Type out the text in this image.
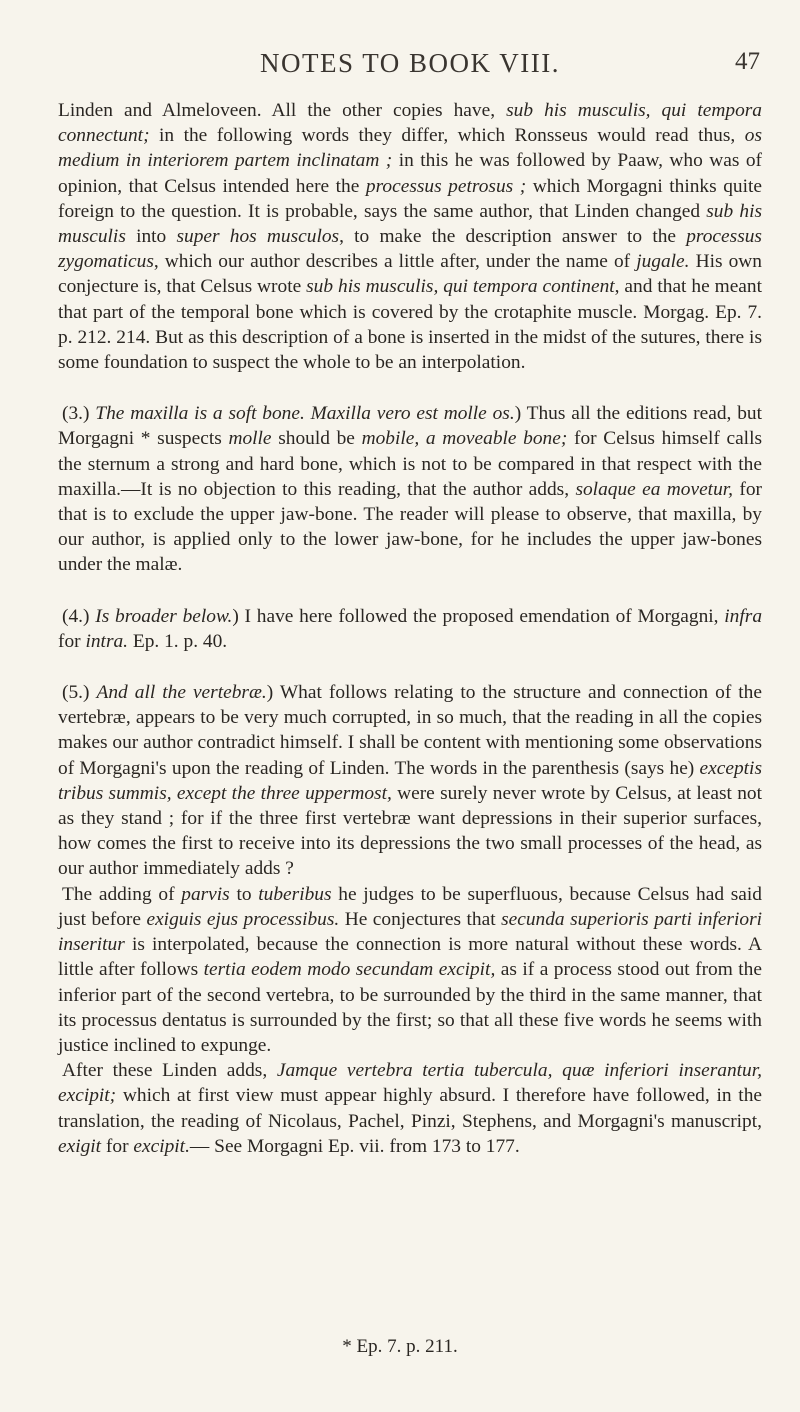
NOTES TO BOOK VIII.	47

Linden and Almeloveen. All the other copies have, sub his musculis, qui tempora connectunt; in the following words they differ, which Ronsseus would read thus, os medium in interiorem partem inclinatam ; in this he was followed by Paaw, who was of opinion, that Celsus intended here the processus petrosus ; which Morgagni thinks quite foreign to the question. It is probable, says the same author, that Linden changed sub his musculis into super hos musculos, to make the description answer to the processus zygomaticus, which our author describes a little after, under the name of jugale. His own conjecture is, that Celsus wrote sub his musculis, qui tempora continent, and that he meant that part of the temporal bone which is covered by the crotaphite muscle. Morgag. Ep. 7. p. 212. 214. But as this description of a bone is inserted in the midst of the sutures, there is some foundation to suspect the whole to be an interpolation.

(3.) The maxilla is a soft bone. Maxilla vero est molle os.) Thus all the editions read, but Morgagni * suspects molle should be mobile, a moveable bone; for Celsus himself calls the sternum a strong and hard bone, which is not to be compared in that respect with the maxilla.—It is no objection to this reading, that the author adds, solaque ea movetur, for that is to exclude the upper jaw-bone. The reader will please to observe, that maxilla, by our author, is applied only to the lower jaw-bone, for he includes the upper jaw-bones under the malæ.

(4.) Is broader below.) I have here followed the proposed emendation of Morgagni, infra for intra. Ep. 1. p. 40.

(5.) And all the vertebræ.) What follows relating to the structure and connection of the vertebræ, appears to be very much corrupted, in so much, that the reading in all the copies makes our author contradict himself. I shall be content with mentioning some observations of Morgagni's upon the reading of Linden. The words in the parenthesis (says he) exceptis tribus summis, except the three uppermost, were surely never wrote by Celsus, at least not as they stand ; for if the three first vertebræ want depressions in their superior surfaces, how comes the first to receive into its depressions the two small processes of the head, as our author immediately adds ?

The adding of parvis to tuberibus he judges to be superfluous, because Celsus had said just before exiguis ejus processibus. He conjectures that secunda superioris parti inferiori inseritur is interpolated, because the connection is more natural without these words. A little after follows tertia eodem modo secundam excipit, as if a process stood out from the inferior part of the second vertebra, to be surrounded by the third in the same manner, that its processus dentatus is surrounded by the first; so that all these five words he seems with justice inclined to expunge.

After these Linden adds, Jamque vertebra tertia tubercula, quæ inferiori inserantur, excipit; which at first view must appear highly absurd. I therefore have followed, in the translation, the reading of Nicolaus, Pachel, Pinzi, Stephens, and Morgagni's manuscript, exigit for excipit.— See Morgagni Ep. vii. from 173 to 177.

* Ep. 7. p. 211.
